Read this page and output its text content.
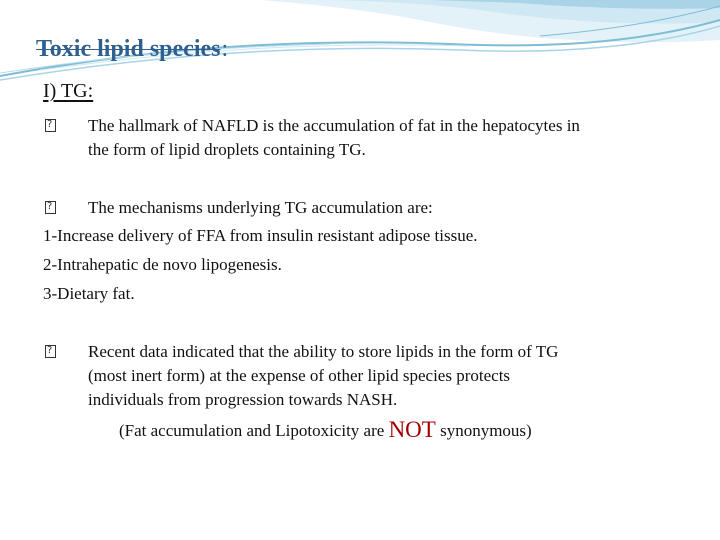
Toxic lipid species:
I) TG:
?
The hallmark of NAFLD is the accumulation of fat in the hepatocytes in
the form of lipid droplets containing TG.
?
The mechanisms underlying TG accumulation are:
1-Increase delivery of FFA from insulin resistant adipose tissue.
2-Intrahepatic de novo lipogenesis.
3-Dietary fat.
?
Recent data indicated that the ability to store lipids in the form of TG
(most inert form) at the expense of other lipid species protects
individuals from progression towards NASH.
(Fat accumulation and Lipotoxicity are NOT synonymous)
